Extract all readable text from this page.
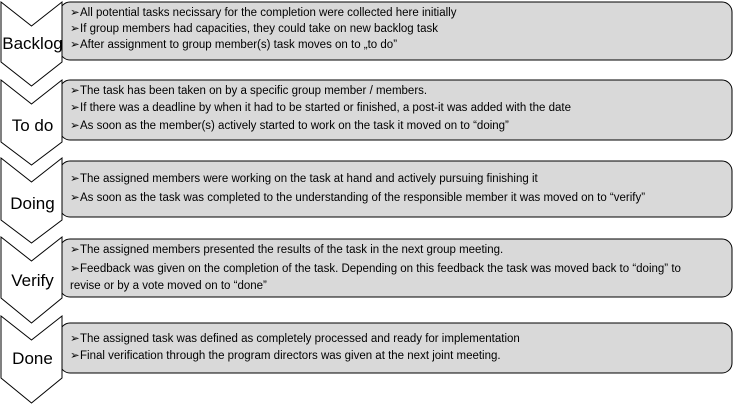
Backlog
➢ All potential tasks necissary for the completion were collected here initially
➢ If group members had capacities, they could take on new backlog task
➢ After assignment to group member(s) task moves on to „to do”
To do
➢ The task has been taken on by a specific group member / members.
➢ If there was a deadline by when it had to be started or finished, a post-it was added with the date
➢ As soon as the member(s) actively started to work on the task it moved on to “doing”
Doing
➢ The assigned members were working on the task at hand and actively pursuing finishing it
➢ As soon as the task was completed to the understanding of the responsible member it was moved on to “verify”
Verify
➢ The assigned members presented the results of the task in the next group meeting.
➢ Feedback was given on the completion of the task. Depending on this feedback the task was moved back to “doing” to
revise or by a vote moved on to “done”
Done
➢ The assigned task was defined as completely processed and ready for implementation
➢ Final verification through the program directors was given at the next joint meeting.
